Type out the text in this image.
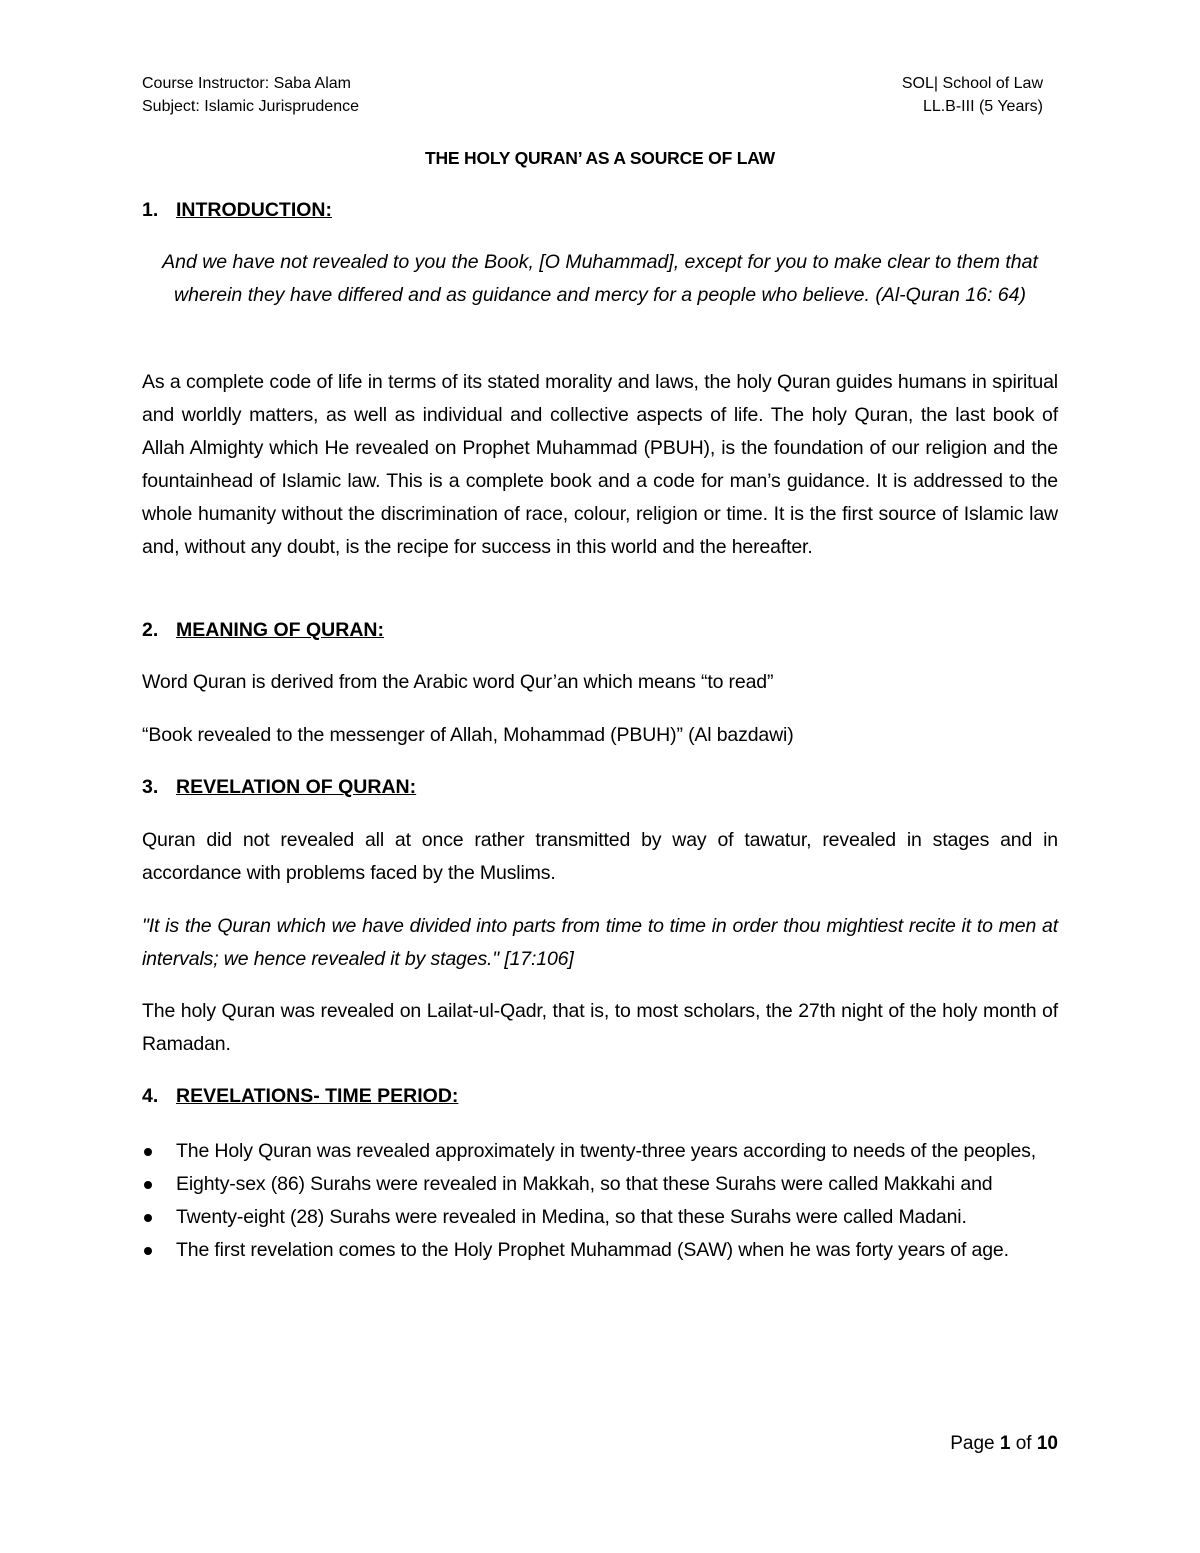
Course Instructor: Saba Alam
Subject: Islamic Jurisprudence
SOL| School of Law
LL.B-III (5 Years)
THE HOLY QURAN’ AS A SOURCE OF LAW
1. INTRODUCTION:
And we have not revealed to you the Book, [O Muhammad], except for you to make clear to them that wherein they have differed and as guidance and mercy for a people who believe. (Al-Quran 16: 64)
As a complete code of life in terms of its stated morality and laws, the holy Quran guides humans in spiritual and worldly matters, as well as individual and collective aspects of life. The holy Quran, the last book of Allah Almighty which He revealed on Prophet Muhammad (PBUH), is the foundation of our religion and the fountainhead of Islamic law. This is a complete book and a code for man’s guidance. It is addressed to the whole humanity without the discrimination of race, colour, religion or time. It is the first source of Islamic law and, without any doubt, is the recipe for success in this world and the hereafter.
2. MEANING OF QURAN:
Word Quran is derived from the Arabic word Qur’an which means “to read”
“Book revealed to the messenger of Allah, Mohammad (PBUH)” (Al bazdawi)
3. REVELATION OF QURAN:
Quran did not revealed all at once rather transmitted by way of tawatur, revealed in stages and in accordance with problems faced by the Muslims.
"It is the Quran which we have divided into parts from time to time in order thou mightiest recite it to men at intervals; we hence revealed it by stages." [17:106]
The holy Quran was revealed on Lailat-ul-Qadr, that is, to most scholars, the 27th night of the holy month of Ramadan.
4. REVELATIONS- TIME PERIOD:
The Holy Quran was revealed approximately in twenty-three years according to needs of the peoples,
Eighty-sex (86) Surahs were revealed in Makkah, so that these Surahs were called Makkahi and
Twenty-eight (28) Surahs were revealed in Medina, so that these Surahs were called Madani.
The first revelation comes to the Holy Prophet Muhammad (SAW) when he was forty years of age.
Page 1 of 10
